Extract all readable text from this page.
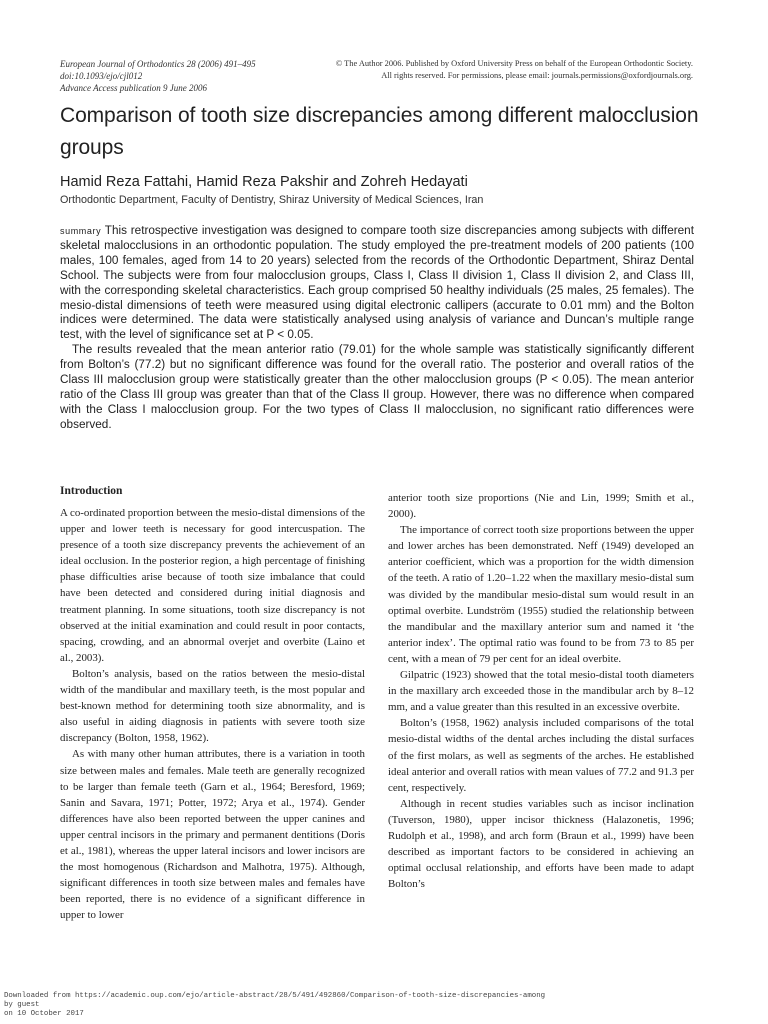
European Journal of Orthodontics 28 (2006) 491–495
doi:10.1093/ejo/cjl012
Advance Access publication 9 June 2006
© The Author 2006. Published by Oxford University Press on behalf of the European Orthodontic Society.
All rights reserved. For permissions, please email: journals.permissions@oxfordjournals.org.
Comparison of tooth size discrepancies among different malocclusion groups
Hamid Reza Fattahi, Hamid Reza Pakshir and Zohreh Hedayati
Orthodontic Department, Faculty of Dentistry, Shiraz University of Medical Sciences, Iran

summary This retrospective investigation was designed to compare tooth size discrepancies among subjects with different skeletal malocclusions in an orthodontic population. The study employed the pre-treatment models of 200 patients (100 males, 100 females, aged from 14 to 20 years) selected from the records of the Orthodontic Department, Shiraz Dental School. The subjects were from four malocclusion groups, Class I, Class II division 1, Class II division 2, and Class III, with the corresponding skeletal characteristics. Each group comprised 50 healthy individuals (25 males, 25 females). The mesio-distal dimensions of teeth were measured using digital electronic callipers (accurate to 0.01 mm) and the Bolton indices were determined. The data were statistically analysed using analysis of variance and Duncan’s multiple range test, with the level of significance set at P < 0.05.

The results revealed that the mean anterior ratio (79.01) for the whole sample was statistically significantly different from Bolton’s (77.2) but no significant difference was found for the overall ratio. The posterior and overall ratios of the Class III malocclusion group were statistically greater than the other malocclusion groups (P < 0.05). The mean anterior ratio of the Class III group was greater than that of the Class II group. However, there was no difference when compared with the Class I malocclusion group. For the two types of Class II malocclusion, no significant ratio differences were observed.

Introduction

A co-ordinated proportion between the mesio-distal dimensions of the upper and lower teeth is necessary for good intercuspation. The presence of a tooth size discrepancy prevents the achievement of an ideal occlusion. In the posterior region, a high percentage of finishing phase difficulties arise because of tooth size imbalance that could have been detected and considered during initial diagnosis and treatment planning. In some situations, tooth size discrepancy is not observed at the initial examination and could result in poor contacts, spacing, crowding, and an abnormal overjet and overbite (Laino et al., 2003).

Bolton’s analysis, based on the ratios between the mesio-distal width of the mandibular and maxillary teeth, is the most popular and best-known method for determining tooth size abnormality, and is also useful in aiding diagnosis in patients with severe tooth size discrepancy (Bolton, 1958, 1962).

As with many other human attributes, there is a variation in tooth size between males and females. Male teeth are generally recognized to be larger than female teeth (Garn et al., 1964; Beresford, 1969; Sanin and Savara, 1971; Potter, 1972; Arya et al., 1974). Gender differences have also been reported between the upper canines and upper central incisors in the primary and permanent dentitions (Doris et al., 1981), whereas the upper lateral incisors and lower incisors are the most homogenous (Richardson and Malhotra, 1975). Although, significant differences in tooth size between males and females have been reported, there is no evidence of a significant difference in upper to lower

anterior tooth size proportions (Nie and Lin, 1999; Smith et al., 2000).

The importance of correct tooth size proportions between the upper and lower arches has been demonstrated. Neff (1949) developed an anterior coefficient, which was a proportion for the width dimension of the teeth. A ratio of 1.20–1.22 when the maxillary mesio-distal sum was divided by the mandibular mesio-distal sum would result in an optimal overbite. Lundström (1955) studied the relationship between the mandibular and the maxillary anterior sum and named it ‘the anterior index’. The optimal ratio was found to be from 73 to 85 per cent, with a mean of 79 per cent for an ideal overbite.

Gilpatric (1923) showed that the total mesio-distal tooth diameters in the maxillary arch exceeded those in the mandibular arch by 8–12 mm, and a value greater than this resulted in an excessive overbite.

Bolton’s (1958, 1962) analysis included comparisons of the total mesio-distal widths of the dental arches including the distal surfaces of the first molars, as well as segments of the arches. He established ideal anterior and overall ratios with mean values of 77.2 and 91.3 per cent, respectively.

Although in recent studies variables such as incisor inclination (Tuverson, 1980), upper incisor thickness (Halazonetis, 1996; Rudolph et al., 1998), and arch form (Braun et al., 1999) have been described as important factors to be considered in achieving an optimal occlusal relationship, and efforts have been made to adapt Bolton’s

Downloaded from https://academic.oup.com/ejo/article-abstract/28/5/491/492860/Comparison-of-tooth-size-discrepancies-among
by guest
on 10 October 2017
